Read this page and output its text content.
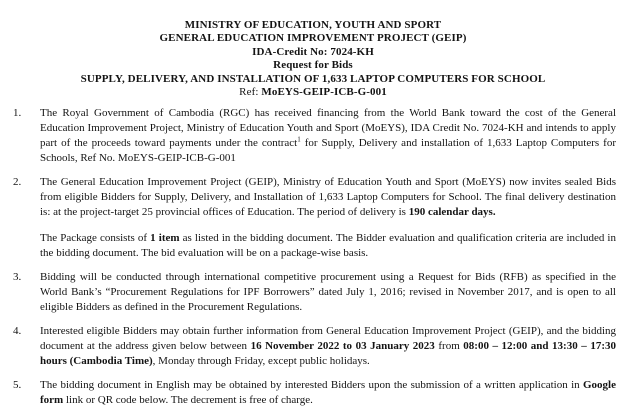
MINISTRY OF EDUCATION, YOUTH AND SPORT
GENERAL EDUCATION IMPROVEMENT PROJECT (GEIP)
IDA-Credit No: 7024-KH
Request for Bids
SUPPLY, DELIVERY, AND INSTALLATION OF 1,633 LAPTOP COMPUTERS FOR SCHOOL
Ref: MoEYS-GEIP-ICB-G-001
1.	The Royal Government of Cambodia (RGC) has received financing from the World Bank toward the cost of the General Education Improvement Project, Ministry of Education Youth and Sport (MoEYS), IDA Credit No. 7024-KH and intends to apply part of the proceeds toward payments under the contract$^1$ for Supply, Delivery and installation of 1,633 Laptop Computers for Schools, Ref No. MoEYS-GEIP-ICB-G-001

2.	The General Education Improvement Project (GEIP), Ministry of Education Youth and Sport (MoEYS) now invites sealed Bids from eligible Bidders for Supply, Delivery, and Installation of 1,633 Laptop Computers for School. The final delivery destination is: at the project-target 25 provincial offices of Education. The period of delivery is 190 calendar days.

The Package consists of 1 item as listed in the bidding document. The Bidder evaluation and qualification criteria are included in the bidding document. The bid evaluation will be on a package-wise basis.

3.	Bidding will be conducted through international competitive procurement using a Request for Bids (RFB) as specified in the World Bank’s “Procurement Regulations for IPF Borrowers” dated July 1, 2016; revised in November 2017, and is open to all eligible Bidders as defined in the Procurement Regulations.

4.	Interested eligible Bidders may obtain further information from General Education Improvement Project (GEIP), and the bidding document at the address given below between 16 November 2022 to 03 January 2023 from 08:00 – 12:00 and 13:30 – 17:30 hours (Cambodia Time), Monday through Friday, except public holidays.

5.	The bidding document in English may be obtained by interested Bidders upon the submission of a written application in Google form link or QR code below. The decrement is free of charge.
